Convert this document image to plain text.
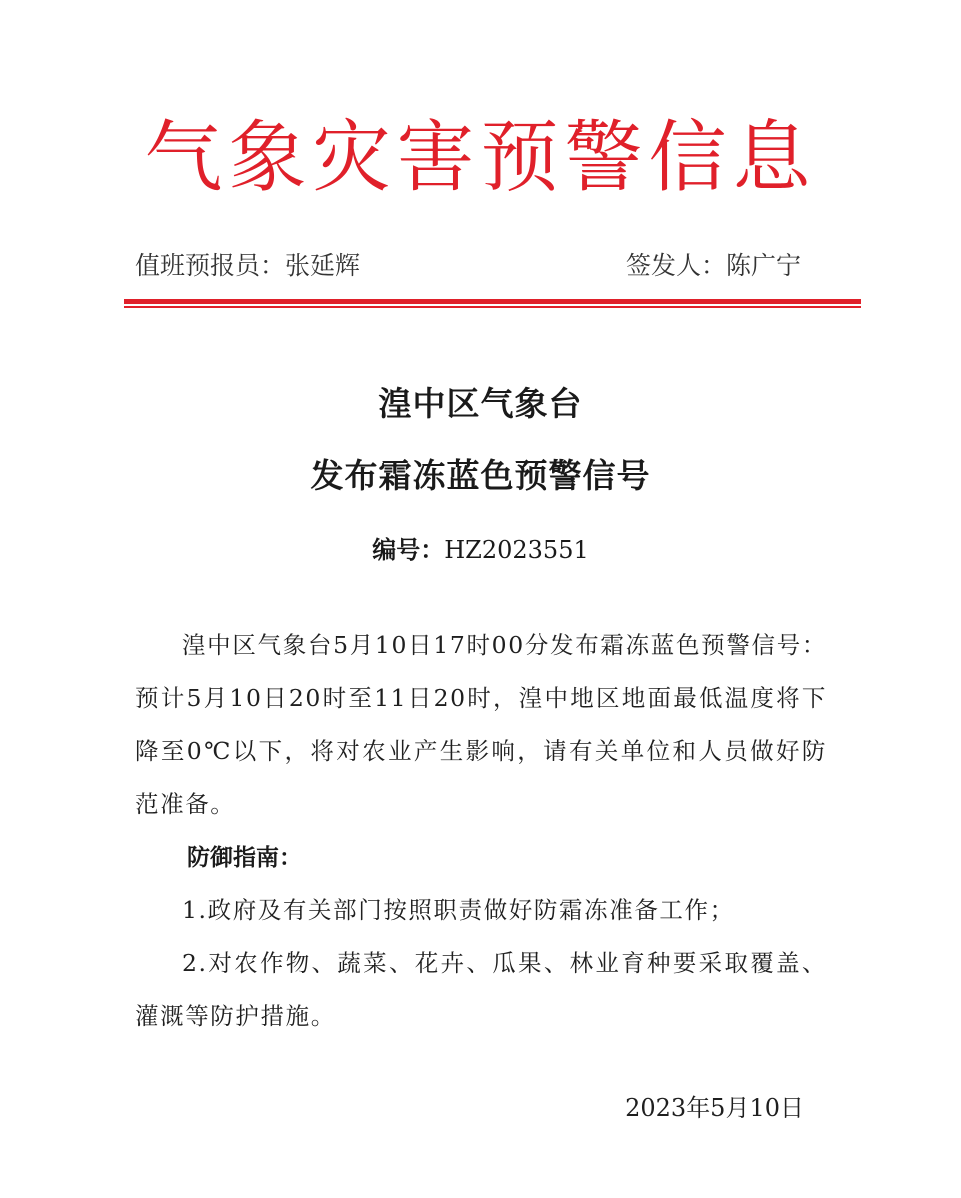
气象灾害预警信息
值班预报员：张延辉	签发人：陈广宁
湟中区气象台
发布霜冻蓝色预警信号
编号：HZ2023551
湟中区气象台5月10日17时00分发布霜冻蓝色预警信号：预计5月10日20时至11日20时，湟中地区地面最低温度将下降至0℃以下，将对农业产生影响，请有关单位和人员做好防范准备。
防御指南：
1.政府及有关部门按照职责做好防霜冻准备工作；
2.对农作物、蔬菜、花卉、瓜果、林业育种要采取覆盖、灌溉等防护措施。
2023年5月10日
